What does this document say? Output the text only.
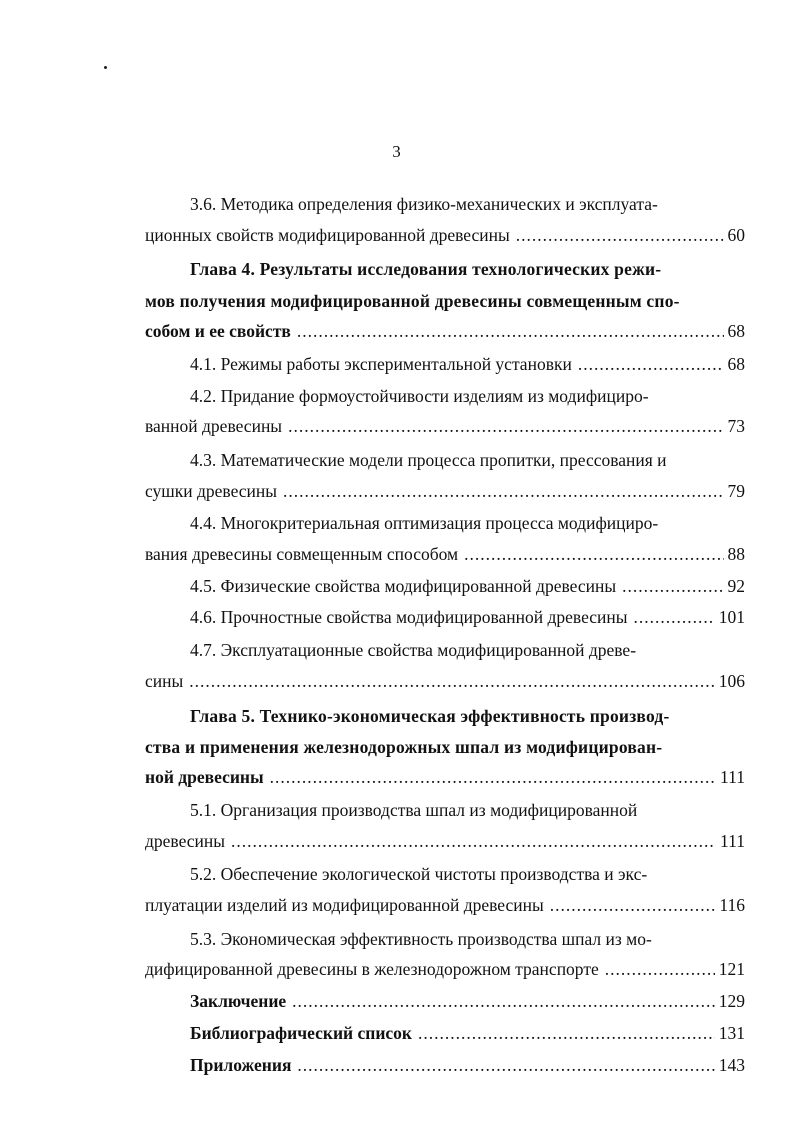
3
3.6. Методика определения физико-механических и эксплуата-
ционных свойств модифицированной древесины .....	60
Глава 4. Результаты исследования технологических режи-
мов получения модифицированной древесины совмещенным спо-
собом и ее свойств .....	68
4.1. Режимы работы экспериментальной установки .....	68
4.2. Придание формоустойчивости изделиям из модифициро-
ванной древесины .....	73
4.3. Математические модели процесса пропитки, прессования и
сушки древесины .....	79
4.4. Многокритериальная оптимизация процесса модифициро-
вания древесины совмещенным способом .....	88
4.5. Физические свойства модифицированной древесины .....	92
4.6. Прочностные свойства модифицированной древесины .....	101
4.7. Эксплуатационные свойства модифицированной древе-
сины .....	106
Глава 5. Технико-экономическая эффективность производ-
ства и применения железнодорожных шпал из модифицирован-
ной древесины .....	111
5.1. Организация производства шпал из модифицированной
древесины .....	111
5.2. Обеспечение экологической чистоты производства и экс-
плуатации изделий из модифицированной древесины .....	116
5.3. Экономическая эффективность производства шпал из мо-
дифицированной древесины в железнодорожном транспорте .....	121
Заключение .....	129
Библиографический список .....	131
Приложения .....	143
